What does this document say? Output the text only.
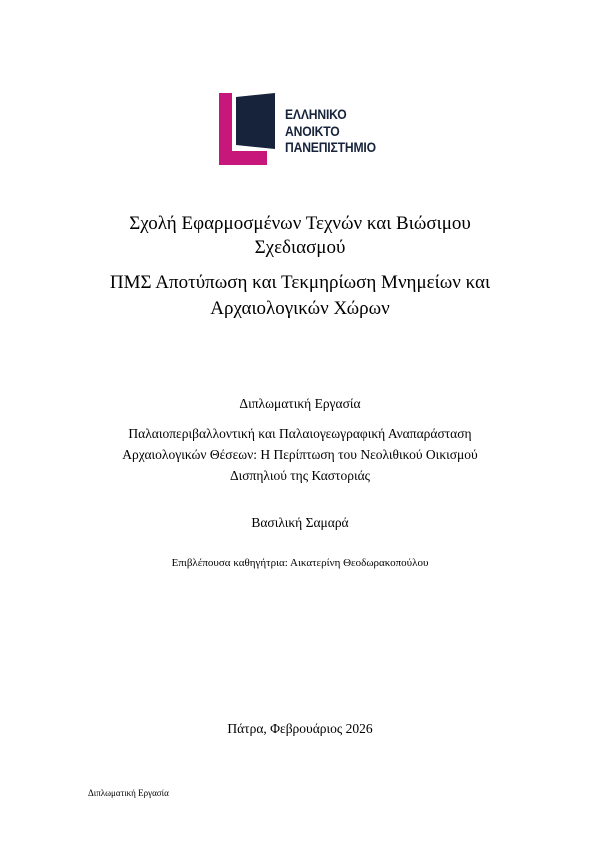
ΕΛΛΗΝΙΚΟ
ΑΝΟΙΚΤΟ
ΠΑΝΕΠΙΣΤΗΜΙΟ
Σχολή Εφαρμοσμένων Τεχνών και Βιώσιμου
Σχεδιασμού
ΠΜΣ Αποτύπωση και Τεκμηρίωση Μνημείων και
Αρχαιολογικών Χώρων
Διπλωματική Εργασία
Παλαιοπεριβαλλοντική και Παλαιογεωγραφική Αναπαράσταση
Αρχαιολογικών Θέσεων: Η Περίπτωση του Νεολιθικού Οικισμού
Δισπηλιού της Καστοριάς
Βασιλική Σαμαρά
Επιβλέπουσα καθηγήτρια: Αικατερίνη Θεοδωρακοπούλου
Πάτρα, Φεβρουάριος 2026
Διπλωματική Εργασία
